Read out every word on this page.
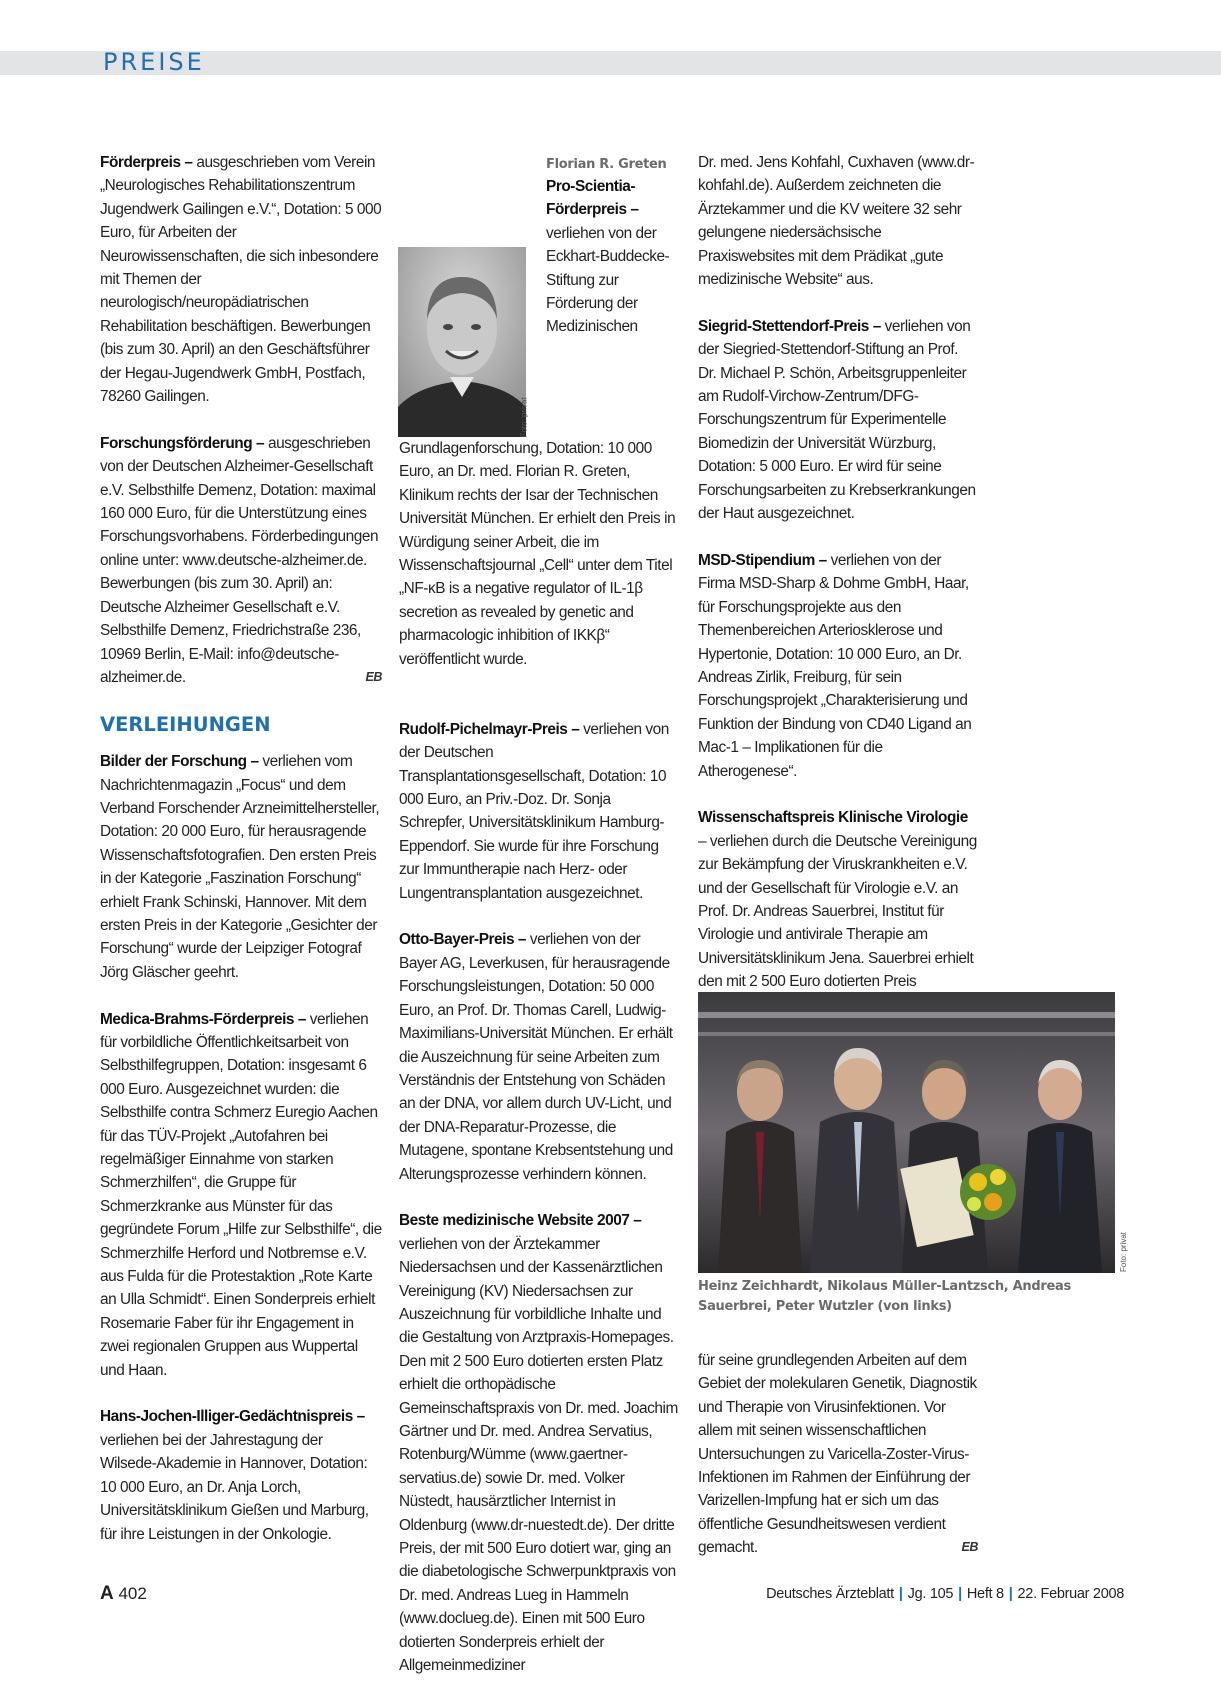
PREISE

Förderpreis – ausgeschrieben vom Verein „Neurologisches Rehabilitationszentrum Jugendwerk Gailingen e.V.“, Dotation: 5 000 Euro, für Arbeiten der Neurowissenschaften, die sich inbesondere mit Themen der neurologisch/neuropädiatrischen Rehabilitation beschäftigen. Bewerbungen (bis zum 30. April) an den Geschäftsführer der Hegau-Jugendwerk GmbH, Postfach, 78260 Gailingen.

Forschungsförderung – ausgeschrieben von der Deutschen Alzheimer-Gesellschaft e.V. Selbsthilfe Demenz, Dotation: maximal 160 000 Euro, für die Unterstützung eines Forschungsvorhabens. Förderbedingungen online unter: www.deutsche-alzheimer.de. Bewerbungen (bis zum 30. April) an: Deutsche Alzheimer Gesellschaft e.V. Selbsthilfe Demenz, Friedrichstraße 236, 10969 Berlin, E-Mail: info@deutsche-alzheimer.de.	EB

VERLEIHUNGEN

Bilder der Forschung – verliehen vom Nachrichtenmagazin „Focus“ und dem Verband Forschender Arzneimittelhersteller, Dotation: 20 000 Euro, für herausragende Wissenschaftsfotografien. Den ersten Preis in der Kategorie „Faszination Forschung“ erhielt Frank Schinski, Hannover. Mit dem ersten Preis in der Kategorie „Gesichter der Forschung“ wurde der Leipziger Fotograf Jörg Gläscher geehrt.

Medica-Brahms-Förderpreis – verliehen für vorbildliche Öffentlichkeitsarbeit von Selbsthilfegruppen, Dotation: insgesamt 6 000 Euro. Ausgezeichnet wurden: die Selbsthilfe contra Schmerz Euregio Aachen für das TÜV-Projekt „Autofahren bei regelmäßiger Einnahme von starken Schmerzhilfen“, die Gruppe für Schmerzkranke aus Münster für das gegründete Forum „Hilfe zur Selbsthilfe“, die Schmerzhilfe Herford und Notbremse e.V. aus Fulda für die Protestaktion „Rote Karte an Ulla Schmidt“. Einen Sonderpreis erhielt Rosemarie Faber für ihr Engagement in zwei regionalen Gruppen aus Wuppertal und Haan.

Hans-Jochen-Illiger-Gedächtnispreis – verliehen bei der Jahrestagung der Wilsede-Akademie in Hannover, Dotation: 10 000 Euro, an Dr. Anja Lorch, Universitätsklinikum Gießen und Marburg, für ihre Leistungen in der Onkologie.

Foto: privat

Florian R. Greten
Pro-Scientia-Förderpreis – verliehen von der Eckhart-Buddecke-Stiftung zur Förderung der Medizinischen Grundlagenforschung, Dotation: 10 000 Euro, an Dr. med. Florian R. Greten, Klinikum rechts der Isar der Technischen Universität München. Er erhielt den Preis in Würdigung seiner Arbeit, die im Wissenschaftsjournal „Cell“ unter dem Titel „NF-κB is a negative regulator of IL-1β secretion as revealed by genetic and pharmacologic inhibition of IKKβ“ veröffentlicht wurde.

Rudolf-Pichelmayr-Preis – verliehen von der Deutschen Transplantationsgesellschaft, Dotation: 10 000 Euro, an Priv.-Doz. Dr. Sonja Schrepfer, Universitätsklinikum Hamburg-Eppendorf. Sie wurde für ihre Forschung zur Immuntherapie nach Herz- oder Lungentransplantation ausgezeichnet.

Otto-Bayer-Preis – verliehen von der Bayer AG, Leverkusen, für herausragende Forschungsleistungen, Dotation: 50 000 Euro, an Prof. Dr. Thomas Carell, Ludwig-Maximilians-Universität München. Er erhält die Auszeichnung für seine Arbeiten zum Verständnis der Entstehung von Schäden an der DNA, vor allem durch UV-Licht, und der DNA-Reparatur-Prozesse, die Mutagene, spontane Krebsentstehung und Alterungsprozesse verhindern können.

Beste medizinische Website 2007 – verliehen von der Ärztekammer Niedersachsen und der Kassenärztlichen Vereinigung (KV) Niedersachsen zur Auszeichnung für vorbildliche Inhalte und die Gestaltung von Arztpraxis-Homepages. Den mit 2 500 Euro dotierten ersten Platz erhielt die orthopädische Gemeinschaftspraxis von Dr. med. Joachim Gärtner und Dr. med. Andrea Servatius, Rotenburg/Wümme (www.gaertner-servatius.de) sowie Dr. med. Volker Nüstedt, hausärztlicher Internist in Oldenburg (www.dr-nuestedt.de). Der dritte Preis, der mit 500 Euro dotiert war, ging an die diabetologische Schwerpunktpraxis von Dr. med. Andreas Lueg in Hammeln (www.doclueg.de). Einen mit 500 Euro dotierten Sonderpreis erhielt der Allgemeinmediziner

Dr. med. Jens Kohfahl, Cuxhaven (www.dr-kohfahl.de). Außerdem zeichneten die Ärztekammer und die KV weitere 32 sehr gelungene niedersächsische Praxiswebsites mit dem Prädikat „gute medizinische Website“ aus.

Siegrid-Stettendorf-Preis – verliehen von der Siegried-Stettendorf-Stiftung an Prof. Dr. Michael P. Schön, Arbeitsgruppenleiter am Rudolf-Virchow-Zentrum/DFG-Forschungszentrum für Experimentelle Biomedizin der Universität Würzburg, Dotation: 5 000 Euro. Er wird für seine Forschungsarbeiten zu Krebserkrankungen der Haut ausgezeichnet.

MSD-Stipendium – verliehen von der Firma MSD-Sharp & Dohme GmbH, Haar, für Forschungsprojekte aus den Themenbereichen Arteriosklerose und Hypertonie, Dotation: 10 000 Euro, an Dr. Andreas Zirlik, Freiburg, für sein Forschungsprojekt „Charakterisierung und Funktion der Bindung von CD40 Ligand an Mac-1 – Implikationen für die Atherogenese“.

Wissenschaftspreis Klinische Virologie – verliehen durch die Deutsche Vereinigung zur Bekämpfung der Viruskrankheiten e.V. und der Gesellschaft für Virologie e.V. an Prof. Dr. Andreas Sauerbrei, Institut für Virologie und antivirale Therapie am Universitätsklinikum Jena. Sauerbrei erhielt den mit 2 500 Euro dotierten Preis

Foto: privat
Heinz Zeichhardt, Nikolaus Müller-Lantzsch, Andreas Sauerbrei, Peter Wutzler (von links)

für seine grundlegenden Arbeiten auf dem Gebiet der molekularen Genetik, Diagnostik und Therapie von Virusinfektionen. Vor allem mit seinen wissenschaftlichen Untersuchungen zu Varicella-Zoster-Virus-Infektionen im Rahmen der Einführung der Varizellen-Impfung hat er sich um das öffentliche Gesundheitswesen verdient gemacht.	EB

A 402	Deutsches Ärzteblatt | Jg. 105 | Heft 8 | 22. Februar 2008
